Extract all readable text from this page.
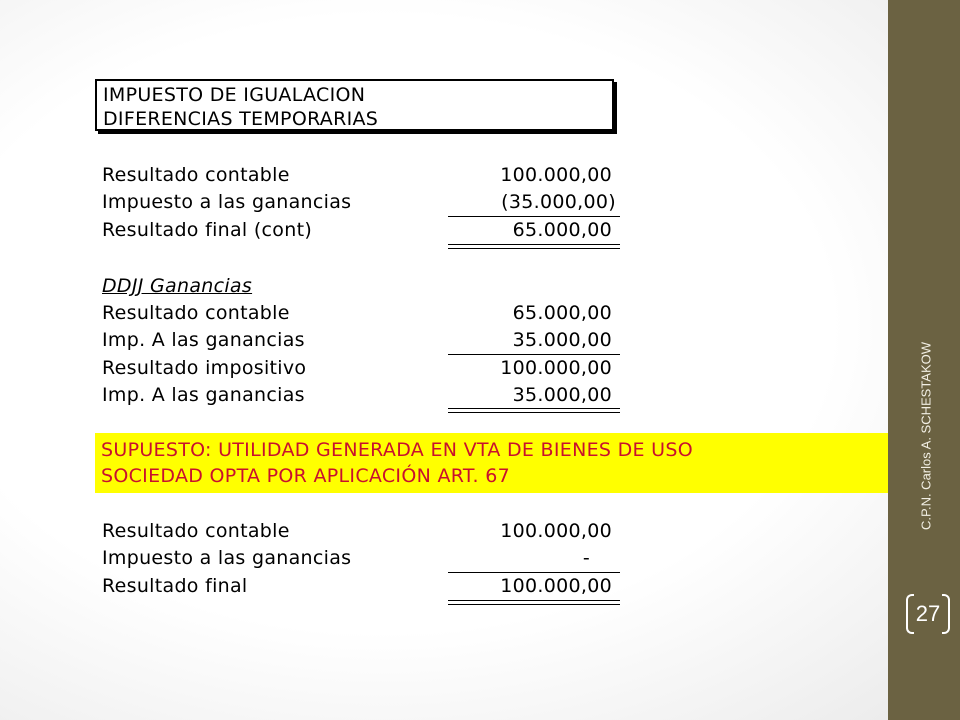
IMPUESTO DE IGUALACION
DIFERENCIAS TEMPORARIAS
Resultado contable	100.000,00
Impuesto a las ganancias	(35.000,00)
Resultado final (cont)	65.000,00
DDJJ Ganancias
Resultado contable	65.000,00
Imp. A las ganancias	35.000,00
Resultado impositivo	100.000,00
Imp. A las ganancias	35.000,00
SUPUESTO: UTILIDAD GENERADA EN VTA DE BIENES DE USO
SOCIEDAD OPTA POR APLICACIÓN ART. 67
Resultado contable	100.000,00
Impuesto a las ganancias	-
Resultado final	100.000,00
C.P.N. Carlos A. SCHESTAKOW
27
